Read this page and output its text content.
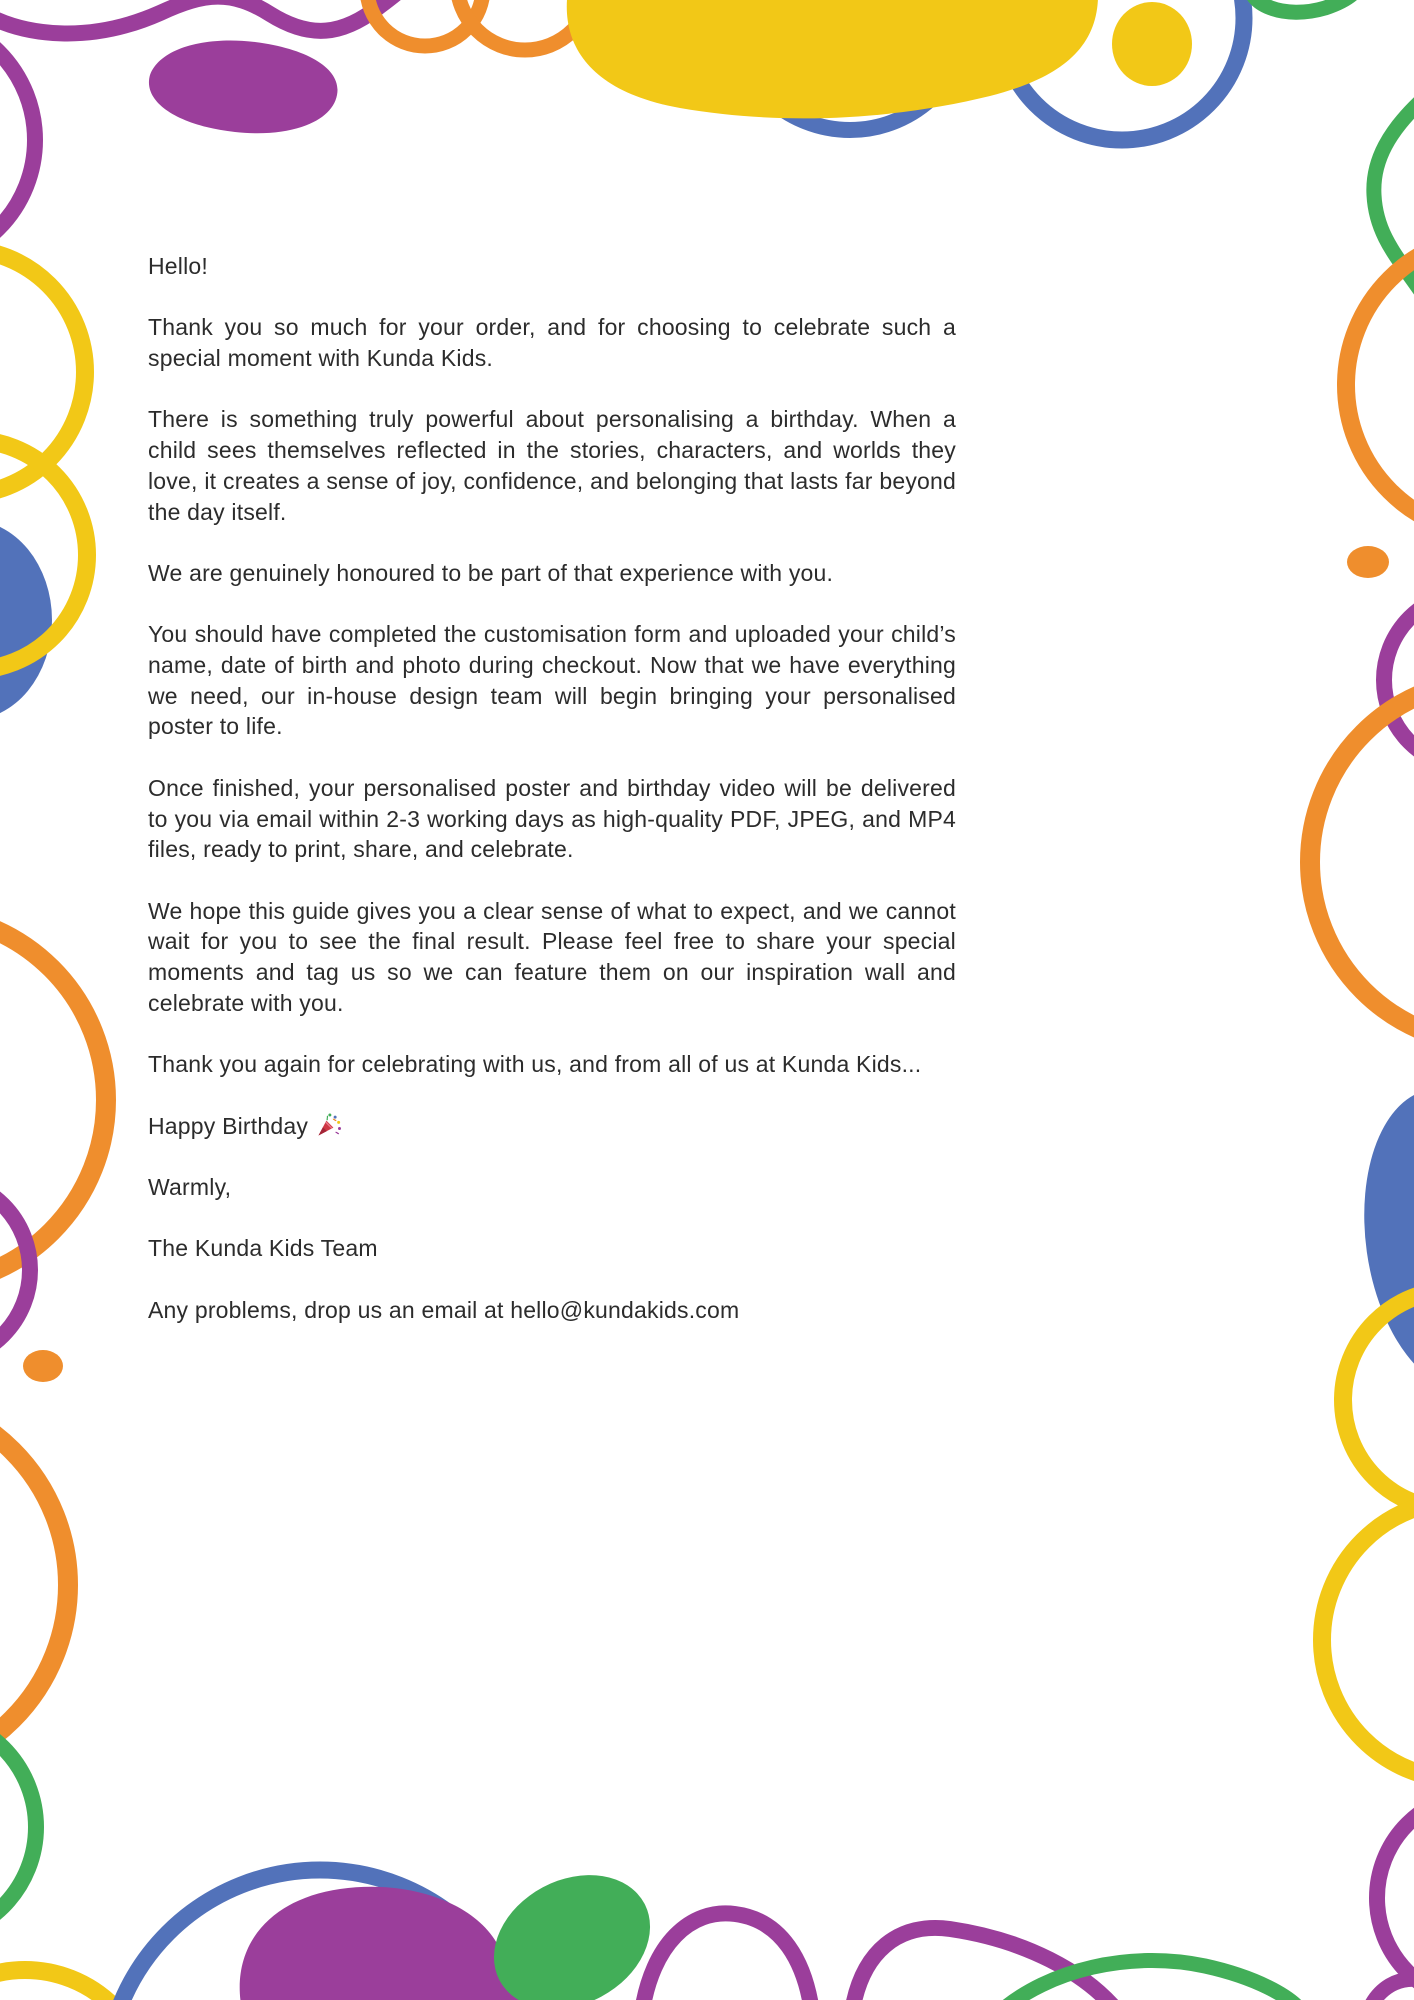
Hello!

Thank you so much for your order, and for choosing to celebrate such a special moment with Kunda Kids.

There is something truly powerful about personalising a birthday. When a child sees themselves reflected in the stories, characters, and worlds they love, it creates a sense of joy, confidence, and belonging that lasts far beyond the day itself.

We are genuinely honoured to be part of that experience with you.

You should have completed the customisation form and uploaded your child’s name, date of birth and photo during checkout. Now that we have everything we need, our in-house design team will begin bringing your personalised poster to life.

Once finished, your personalised poster and birthday video will be delivered to you via email within 2-3 working days as high-quality PDF, JPEG, and MP4 files, ready to print, share, and celebrate.

We hope this guide gives you a clear sense of what to expect, and we cannot wait for you to see the final result. Please feel free to share your special moments and tag us so we can feature them on our inspiration wall and celebrate with you.

Thank you again for celebrating with us, and from all of us at Kunda Kids...

Happy Birthday

Warmly,

The Kunda Kids Team

Any problems, drop us an email at hello@kundakids.com
